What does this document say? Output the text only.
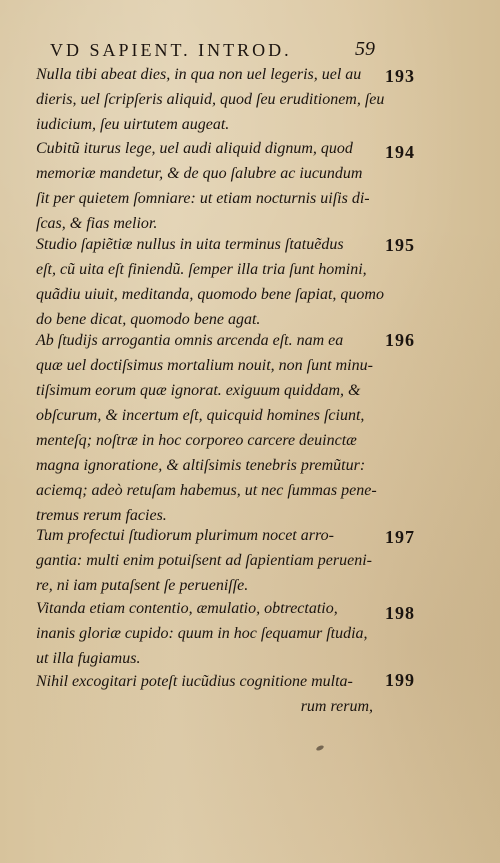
VD SAPIENT. INTROD.	59
Nulla tibi abeat dies, in qua non uel legeris, uel au
dieris, uel ſcripſeris aliquid, quod ſeu eruditionem, ſeu
iudicium, ſeu uirtutem augeat.
193
Cubitũ iturus lege, uel audi aliquid dignum, quod
memoriæ mandetur, & de quo ſalubre ac iucundum
ſit per quietem ſomniare: ut etiam nocturnis uiſis di-
ſcas, & fias melior.
194
Studio ſapiẽtiæ nullus in uita terminus ſtatuẽdus
eſt, cũ uita eſt finiendũ. ſemper illa tria ſunt homini,
quãdiu uiuit, meditanda, quomodo bene ſapiat, quomo
do bene dicat, quomodo bene agat.
195
Ab ſtudijs arrogantia omnis arcenda eſt. nam ea
quæ uel doctiſsimus mortalium nouit, non ſunt minu-
tiſsimum eorum quæ ignorat. exiguum quiddam, &
obſcurum, & incertum eſt, quicquid homines ſciunt,
menteſq; noſtræ in hoc corporeo carcere deuinctæ
magna ignoratione, & altiſsimis tenebris premũtur:
aciemq; adeò retuſam habemus, ut nec ſummas pene-
tremus rerum facies.
196
Tum profectui ſtudiorum plurimum nocet arro-
gantia: multi enim potuiſsent ad ſapientiam perueni-
re, ni iam putaſsent ſe perueniſſe.
197
Vitanda etiam contentio, æmulatio, obtrectatio,
inanis gloriæ cupido: quum in hoc ſequamur ſtudia,
ut illa fugiamus.
198
Nihil excogitari poteſt iucũdius cognitione multa-
rum rerum,
199
